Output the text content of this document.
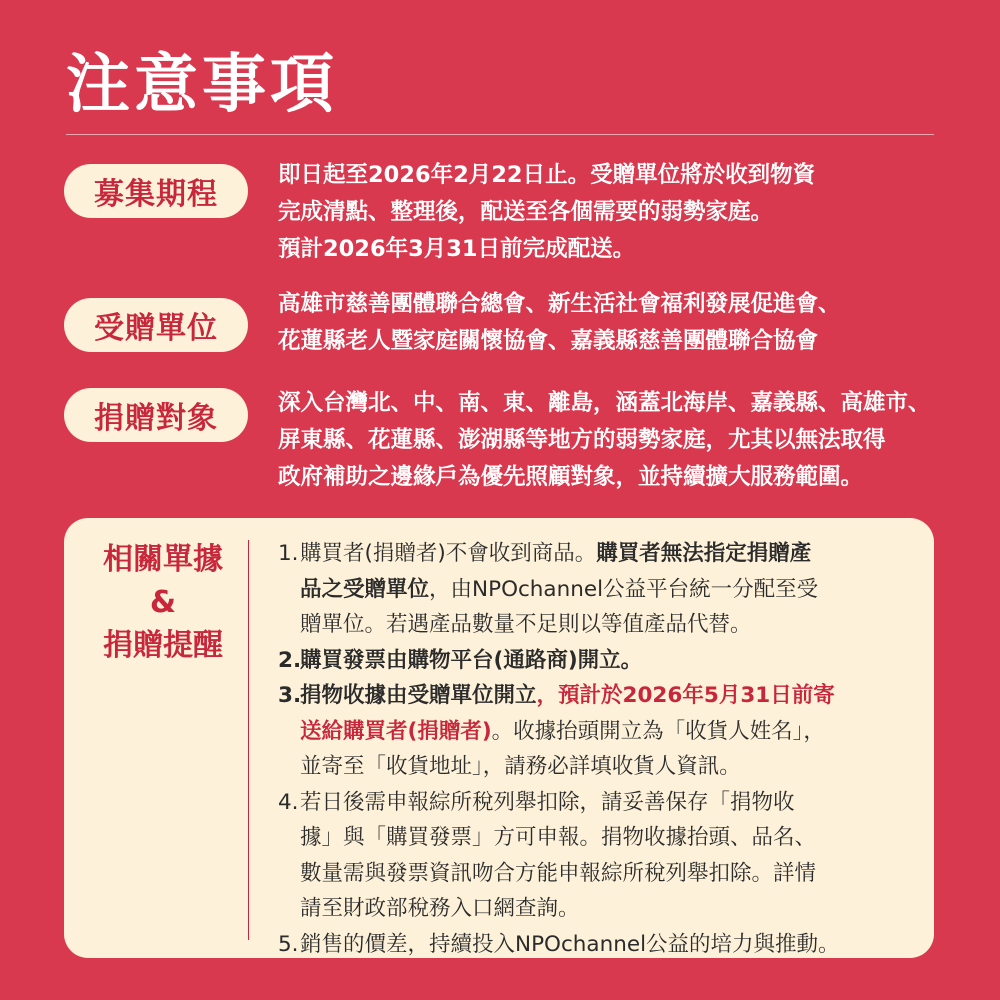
注意事項
募集期程

即日起至2026年2月22日止。受贈單位將於收到物資
完成清點、整理後，配送至各個需要的弱勢家庭。
預計2026年3月31日前完成配送。

受贈單位

高雄市慈善團體聯合總會、新生活社會福利發展促進會、
花蓮縣老人暨家庭關懷協會、嘉義縣慈善團體聯合協會

捐贈對象	深入台灣北、中、南、東、離島，涵蓋北海岸、嘉義縣、高雄市、
屏東縣、花蓮縣、澎湖縣等地方的弱勢家庭，尤其以無法取得
政府補助之邊緣戶為優先照顧對象，並持續擴大服務範圍。

相關單據
&
捐贈提醒
1. 購買者(捐贈者)不會收到商品。購買者無法指定捐贈產
品之受贈單位，由NPOchannel公益平台統一分配至受
贈單位。若遇產品數量不足則以等值產品代替。
2.
購買發票由購物平台(通路商)開立。
3.
捐物收據由受贈單位開立，預計於2026年5月31日前寄
送給購買者(捐贈者)。收據抬頭開立為「收貨人姓名」，
並寄至「收貨地址」，請務必詳填收貨人資訊。
4. 若日後需申報綜所稅列舉扣除，請妥善保存「捐物收
據」與「購買發票」方可申報。捐物收據抬頭、品名、
數量需與發票資訊吻合方能申報綜所稅列舉扣除。詳情
請至財政部稅務入口網查詢。
5. 銷售的價差，持續投入NPOchannel公益的培力與推動。
